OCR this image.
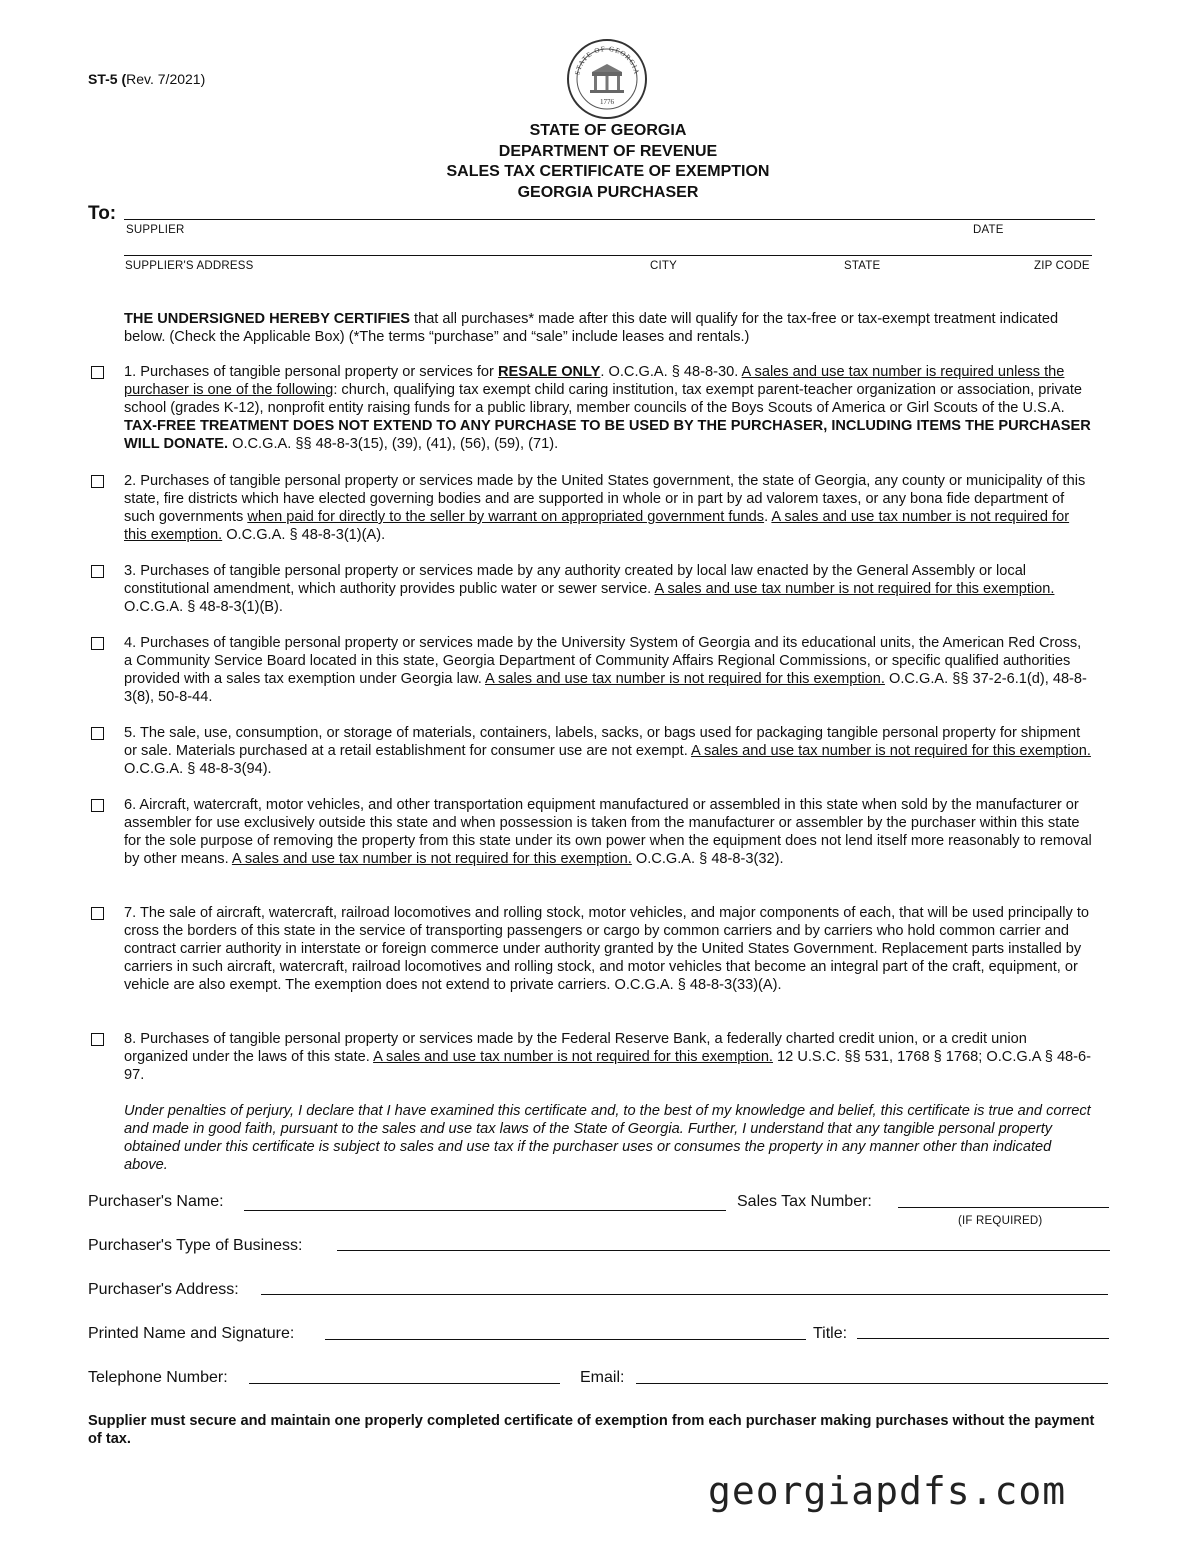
ST-5 (Rev. 7/2021)	STATE OF GEORGIA
1776
STATE OF GEORGIA
DEPARTMENT OF REVENUE
SALES TAX CERTIFICATE OF EXEMPTION
GEORGIA PURCHASER
To:
SUPPLIER	DATE
SUPPLIER'S ADDRESS	CITY	STATE	ZIP CODE
THE UNDERSIGNED HEREBY CERTIFIES that all purchases* made after this date will qualify for the tax-free or tax-exempt treatment indicated below. (Check the Applicable Box) (*The terms “purchase” and “sale” include leases and rentals.)
1. Purchases of tangible personal property or services for RESALE ONLY. O.C.G.A. § 48-8-30. A sales and use tax number is required unless the purchaser is one of the following: church, qualifying tax exempt child caring institution, tax exempt parent-teacher organization or association, private school (grades K-12), nonprofit entity raising funds for a public library, member councils of the Boys Scouts of America or Girl Scouts of the U.S.A. TAX-FREE TREATMENT DOES NOT EXTEND TO ANY PURCHASE TO BE USED BY THE PURCHASER, INCLUDING ITEMS THE PURCHASER WILL DONATE. O.C.G.A. §§ 48-8-3(15), (39), (41), (56), (59), (71).
2. Purchases of tangible personal property or services made by the United States government, the state of Georgia, any county or municipality of this state, fire districts which have elected governing bodies and are supported in whole or in part by ad valorem taxes, or any bona fide department of such governments when paid for directly to the seller by warrant on appropriated government funds. A sales and use tax number is not required for this exemption. O.C.G.A. § 48-8-3(1)(A).
3. Purchases of tangible personal property or services made by any authority created by local law enacted by the General Assembly or local constitutional amendment, which authority provides public water or sewer service. A sales and use tax number is not required for this exemption. O.C.G.A. § 48-8-3(1)(B).
4. Purchases of tangible personal property or services made by the University System of Georgia and its educational units, the American Red Cross, a Community Service Board located in this state, Georgia Department of Community Affairs Regional Commissions, or specific qualified authorities provided with a sales tax exemption under Georgia law. A sales and use tax number is not required for this exemption. O.C.G.A. §§ 37-2-6.1(d), 48-8-3(8), 50-8-44.
5. The sale, use, consumption, or storage of materials, containers, labels, sacks, or bags used for packaging tangible personal property for shipment or sale. Materials purchased at a retail establishment for consumer use are not exempt. A sales and use tax number is not required for this exemption. O.C.G.A. § 48-8-3(94).
6. Aircraft, watercraft, motor vehicles, and other transportation equipment manufactured or assembled in this state when sold by the manufacturer or assembler for use exclusively outside this state and when possession is taken from the manufacturer or assembler by the purchaser within this state for the sole purpose of removing the property from this state under its own power when the equipment does not lend itself more reasonably to removal by other means. A sales and use tax number is not required for this exemption. O.C.G.A. § 48-8-3(32).
7. The sale of aircraft, watercraft, railroad locomotives and rolling stock, motor vehicles, and major components of each, that will be used principally to cross the borders of this state in the service of transporting passengers or cargo by common carriers and by carriers who hold common carrier and contract carrier authority in interstate or foreign commerce under authority granted by the United States Government. Replacement parts installed by carriers in such aircraft, watercraft, railroad locomotives and rolling stock, and motor vehicles that become an integral part of the craft, equipment, or vehicle are also exempt. The exemption does not extend to private carriers. O.C.G.A. § 48-8-3(33)(A).
8. Purchases of tangible personal property or services made by the Federal Reserve Bank, a federally charted credit union, or a credit union organized under the laws of this state. A sales and use tax number is not required for this exemption. 12 U.S.C. §§ 531, 1768 § 1768; O.C.G.A § 48-6-97.
Under penalties of perjury, I declare that I have examined this certificate and, to the best of my knowledge and belief, this certificate is true and correct and made in good faith, pursuant to the sales and use tax laws of the State of Georgia. Further, I understand that any tangible personal property obtained under this certificate is subject to sales and use tax if the purchaser uses or consumes the property in any manner other than indicated above.
Purchaser's Name:	Sales Tax Number:
(IF REQUIRED)
Purchaser's Type of Business:
Purchaser's Address:
Printed Name and Signature:	Title:
Telephone Number:	Email:
Supplier must secure and maintain one properly completed certificate of exemption from each purchaser making purchases without the payment of tax.
georgiapdfs.com
